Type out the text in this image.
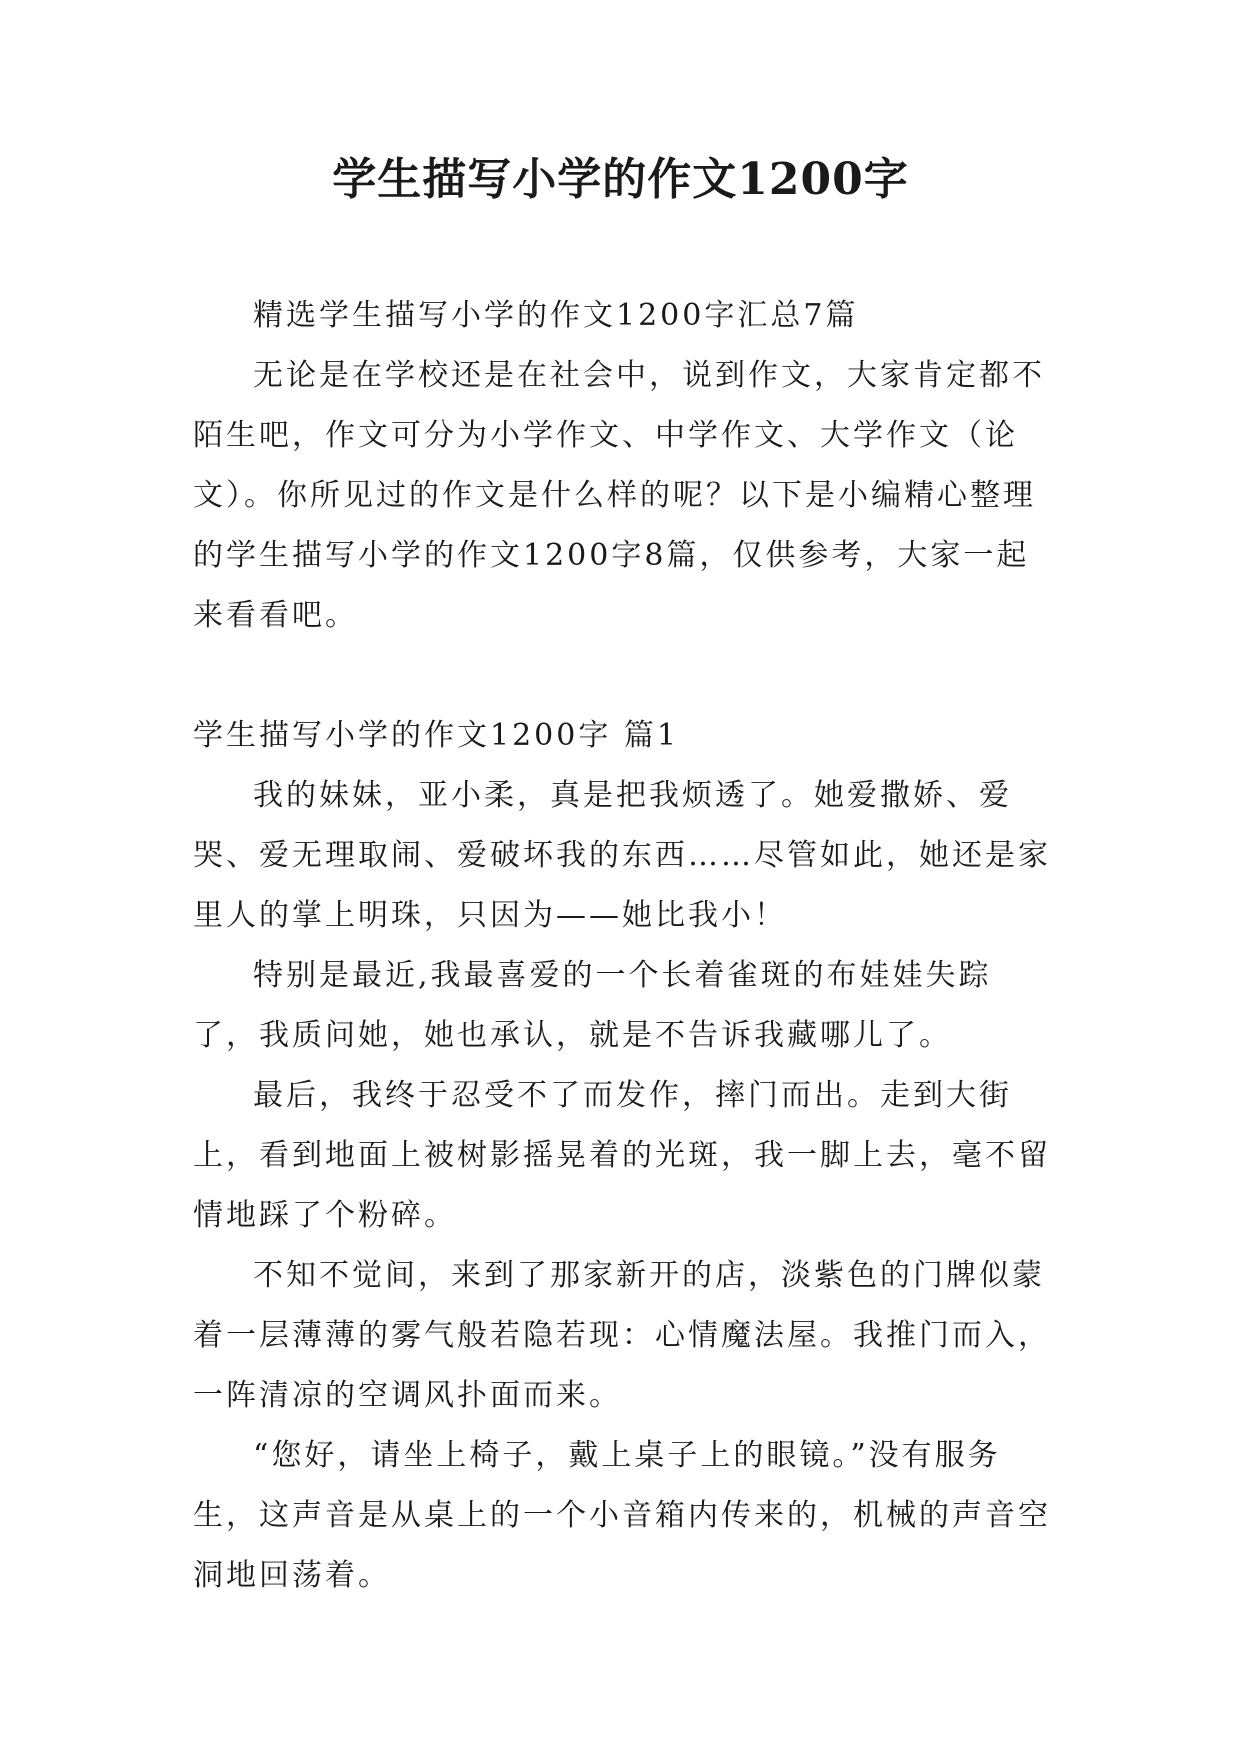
学生描写小学的作文1200字

精选学生描写小学的作文1200字汇总7篇

无论是在学校还是在社会中，说到作文，大家肯定都不陌生吧，作文可分为小学作文、中学作文、大学作文（论文）。你所见过的作文是什么样的呢？以下是小编精心整理的学生描写小学的作文1200字8篇，仅供参考，大家一起来看看吧。

学生描写小学的作文1200字 篇1

我的妹妹，亚小柔，真是把我烦透了。她爱撒娇、爱哭、爱无理取闹、爱破坏我的东西……尽管如此，她还是家里人的掌上明珠，只因为——她比我小！

特别是最近,我最喜爱的一个长着雀斑的布娃娃失踪了，我质问她，她也承认，就是不告诉我藏哪儿了。

最后，我终于忍受不了而发作，摔门而出。走到大街上，看到地面上被树影摇晃着的光斑，我一脚上去，毫不留情地踩了个粉碎。

不知不觉间，来到了那家新开的店，淡紫色的门牌似蒙着一层薄薄的雾气般若隐若现：心情魔法屋。我推门而入，一阵清凉的空调风扑面而来。

“您好，请坐上椅子，戴上桌子上的眼镜。”没有服务生，这声音是从桌上的一个小音箱内传来的，机械的声音空洞地回荡着。
